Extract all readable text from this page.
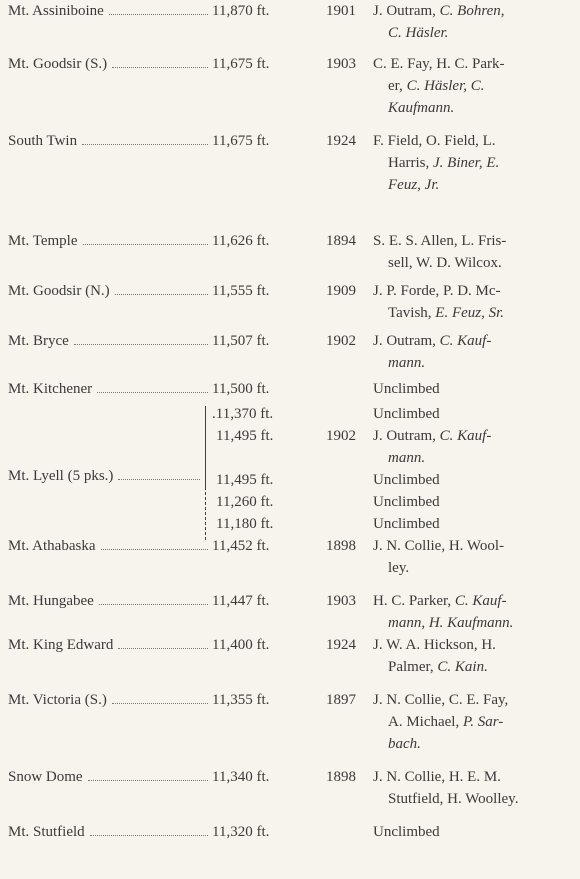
Mt. Assiniboine	11,870 ft.	1901 J. Outram, C. Bohren,
C. Häsler.
Mt. Goodsir (S.)	11,675 ft.	1903 C. E. Fay, H. C. Park-
er, C. Häsler, C.
Kaufmann.
South Twin	11,675 ft.	1924 F. Field, O. Field, L.
Harris, J. Biner, E.
Feuz, Jr.
Mt. Temple	11,626 ft.	1894 S. E. S. Allen, L. Fris-
sell, W. D. Wilcox.
Mt. Goodsir (N.)	11,555 ft.	1909 J. P. Forde, P. D. Mc-
Tavish, E. Feuz, Sr.
Mt. Bryce	11,507 ft.	1902 J. Outram, C. Kauf-
mann.
Mt. Kitchener	11,500 ft.	Unclimbed
Mt. Lyell (5 pks.)
.11,370 ft.	Unclimbed
11,495 ft.	1902 J. Outram, C. Kauf-
mann.
11,495 ft.	Unclimbed
11,260 ft.	Unclimbed
11,180 ft.	Unclimbed
Mt. Athabaska	11,452 ft.	1898 J. N. Collie, H. Wool-
ley.
Mt. Hungabee	11,447 ft.	1903 H. C. Parker, C. Kauf-
mann, H. Kaufmann.
Mt. King Edward	11,400 ft.	1924 J. W. A. Hickson, H.
Palmer, C. Kain.
Mt. Victoria (S.)	11,355 ft.	1897 J. N. Collie, C. E. Fay,
A. Michael, P. Sar-
bach.
Snow Dome	11,340 ft.	1898 J. N. Collie, H. E. M.
Stutfield, H. Woolley.
Mt. Stutfield	11,320 ft.	Unclimbed
